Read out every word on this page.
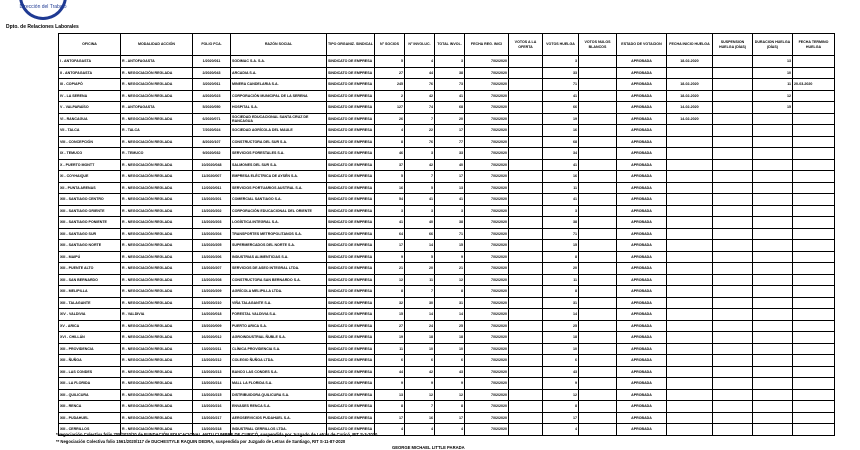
Dirección del Trabajo
Dpto. de Relaciones Laborales
OFICINA	MODALIDAD ACCIÓN	FOLIO FCA.	RAZÓN SOCIAL	TIPO ORGANIZ. SINDICAL	N° SOCIOS	N° INVOLUC.	TOTAL INVOL.	FECHA REG. INICI	VOTOS A LA OFERTA	VOTOS HUELGA	VOTOS NULOS BLANCOS	ESTADO DE VOTACION	FECHA INICIO HUELGA	SUSPENSION HUELGA (DÍAS)	DURACION HUELGA (DÍAS)	FECHA TERMINO HUELGA
I - ANTOFAGASTA	R - ANTOFAGASTA	1/2020/011	SODIMAC S.A. S.A.	SINDICATO DE EMPRESA	5	4	3	7/02/2020		3		APROBADA	18-02-2020		13	
II - ANTOFAGASTA	R - NEGOCIACIÓN REGLADA	2/2020/043	ARCADIA S.A.	SINDICATO DE EMPRESA	27	44	38	7/02/2020		33		APROBADA			10	
III - COPIAPÓ	R - NEGOCIACIÓN REGLADA	3/2020/011	MINERA CANDELARIA S.A.	SINDICATO DE EMPRESA	245	76	73	7/02/2020		71		APROBADA	18-02-2020		11	20-03-2020
IV - LA SERENA	R - NEGOCIACIÓN REGLADA	4/2020/023	CORPORACIÓN MUNICIPAL DE LA SERENA	SINDICATO DE EMPRESA	2	42	41	7/02/2020		41		APROBADA	18-02-2020		12	
V - VALPARAÍSO	R - ANTOFAGASTA	5/2020/050	HOSPITAL S.A.	SINDICATO DE EMPRESA	127	74	68	7/02/2020		66		APROBADA	14-02-2020		15	
VI - RANCAGUA	R - NEGOCIACIÓN REGLADA	6/2020/071	SOCIEDAD EDUCACIONAL SANTA CRUZ DE RANCAGUA	SINDICATO DE EMPRESA	26	7	20	7/02/2020		19		APROBADA	14-02-2020			
VII - TALCA	R - TALCA	7/2020/024	SOCIEDAD AGRÍCOLA DEL MAULE	SINDICATO DE EMPRESA	4	22	17	7/02/2020		16		APROBADA				
VIII - CONCEPCIÓN	R - NEGOCIACIÓN REGLADA	8/2020/107	CONSTRUCTORA DEL SUR S.A.	SINDICATO DE EMPRESA	8	76	77	7/02/2020		68		APROBADA				
IX - TEMUCO	R - TEMUCO	9/2020/032	SERVICIOS FORESTALES S.A.	SINDICATO DE EMPRESA	46	3	33	7/02/2020		34		APROBADA				
X - PUERTO MONTT	R - NEGOCIACIÓN REGLADA	10/2020/048	SALMONES DEL SUR S.A.	SINDICATO DE EMPRESA	37	42	40	7/02/2020		41		APROBADA				
XI - COYHAIQUE	R - NEGOCIACIÓN REGLADA	11/2020/007	EMPRESA ELÉCTRICA DE AYSÉN S.A.	SINDICATO DE EMPRESA	5	7	17	7/02/2020		16		APROBADA				
XII - PUNTA ARENAS	R - NEGOCIACIÓN REGLADA	12/2020/011	SERVICIOS PORTUARIOS AUSTRAL S.A.	SINDICATO DE EMPRESA	16	5	13	7/02/2020		11		APROBADA				
XIII - SANTIAGO CENTRO	R - NEGOCIACIÓN REGLADA	13/2020/201	COMERCIAL SANTIAGO S.A.	SINDICATO DE EMPRESA	54	41	41	7/02/2020		41		APROBADA				
XIII - SANTIAGO ORIENTE	R - NEGOCIACIÓN REGLADA	13/2020/202	CORPORACIÓN EDUCACIONAL DEL ORIENTE	SINDICATO DE EMPRESA	3	3	3	7/02/2020		3		APROBADA				
XIII - SANTIAGO PONIENTE	R - NEGOCIACIÓN REGLADA	13/2020/203	LOGÍSTICA INTEGRAL S.A.	SINDICATO DE EMPRESA	41	40	38	7/02/2020		38		APROBADA				
XIII - SANTIAGO SUR	R - NEGOCIACIÓN REGLADA	13/2020/204	TRANSPORTES METROPOLITANOS S.A.	SINDICATO DE EMPRESA	64	66	71	7/02/2020		71		APROBADA				
XIII - SANTIAGO NORTE	R - NEGOCIACIÓN REGLADA	13/2020/205	SUPERMERCADOS DEL NORTE S.A.	SINDICATO DE EMPRESA	17	14	15	7/02/2020		15		APROBADA				
XIII - MAIPÚ	R - NEGOCIACIÓN REGLADA	13/2020/206	INDUSTRIAS ALIMENTICIAS S.A.	SINDICATO DE EMPRESA	9	5	9	7/02/2020		8		APROBADA				
XIII - PUENTE ALTO	R - NEGOCIACIÓN REGLADA	13/2020/207	SERVICIOS DE ASEO INTEGRAL LTDA.	SINDICATO DE EMPRESA	21	20	21	7/02/2020		20		APROBADA				
XIII - SAN BERNARDO	R - NEGOCIACIÓN REGLADA	13/2020/208	CONSTRUCTORA SAN BERNARDO S.A.	SINDICATO DE EMPRESA	12	11	12	7/02/2020		11		APROBADA				
XIII - MELIPILLA	R - NEGOCIACIÓN REGLADA	13/2020/209	AGRÍCOLA MELIPILLA LTDA.	SINDICATO DE EMPRESA	8	7	8	7/02/2020		8		APROBADA				
XIII - TALAGANTE	R - NEGOCIACIÓN REGLADA	13/2020/210	VIÑA TALAGANTE S.A.	SINDICATO DE EMPRESA	32	30	31	7/02/2020		31		APROBADA				
XIV - VALDIVIA	R - VALDIVIA	14/2020/018	FORESTAL VALDIVIA S.A.	SINDICATO DE EMPRESA	15	14	14	7/02/2020		14		APROBADA				
XV - ARICA	R - NEGOCIACIÓN REGLADA	15/2020/009	PUERTO ARICA S.A.	SINDICATO DE EMPRESA	27	24	25	7/02/2020		25		APROBADA				
XVI - CHILLÁN	R - NEGOCIACIÓN REGLADA	16/2020/012	AGROINDUSTRIAL ÑUBLE S.A.	SINDICATO DE EMPRESA	19	18	18	7/02/2020		18		APROBADA				
XIII - PROVIDENCIA	R - NEGOCIACIÓN REGLADA	13/2020/211	CLÍNICA PROVIDENCIA S.A.	SINDICATO DE EMPRESA	11	10	10	7/02/2020		10		APROBADA				
XIII - ÑUÑOA	R - NEGOCIACIÓN REGLADA	13/2020/212	COLEGIO ÑUÑOA LTDA.	SINDICATO DE EMPRESA	6	6	6	7/02/2020		6		APROBADA				
XIII - LAS CONDES	R - NEGOCIACIÓN REGLADA	13/2020/213	BANCO LAS CONDES S.A.	SINDICATO DE EMPRESA	44	42	43	7/02/2020		43		APROBADA				
XIII - LA FLORIDA	R - NEGOCIACIÓN REGLADA	13/2020/214	MALL LA FLORIDA S.A.	SINDICATO DE EMPRESA	9	9	9	7/02/2020		9		APROBADA				
XIII - QUILICURA	R - NEGOCIACIÓN REGLADA	13/2020/215	DISTRIBUIDORA QUILICURA S.A.	SINDICATO DE EMPRESA	13	12	12	7/02/2020		12		APROBADA				
XIII - RENCA	R - NEGOCIACIÓN REGLADA	13/2020/216	ENVASES RENCA S.A.	SINDICATO DE EMPRESA	8	7	8	7/02/2020		8		APROBADA				
XIII - PUDAHUEL	R - NEGOCIACIÓN REGLADA	13/2020/217	AEROSERVICIOS PUDAHUEL S.A.	SINDICATO DE EMPRESA	17	16	17	7/02/2020		17		APROBADA				
XIII - CERRILLOS	R - NEGOCIACIÓN REGLADA	13/2020/218	INDUSTRIAL CERRILLOS LTDA.	SINDICATO DE EMPRESA	4	4	4	7/02/2020		4		APROBADA				
*Negociación Colectiva folio 705/2020/20 de FUNDACIÓN EDUCACIONAL ANTU CUMBRE DE CURICÓ, suspendida por Juzgado de Letras de Curicó, RIT S-3-2020
** Negociación Colectiva folio 1561/2020/117 de DUCHESTYLE RAQUIN DEDRA, suspendida por Juzgado de Letras de Santiago, RIT S-11-87-2020
GEORGE MICHAEL LITTLE PARADA
